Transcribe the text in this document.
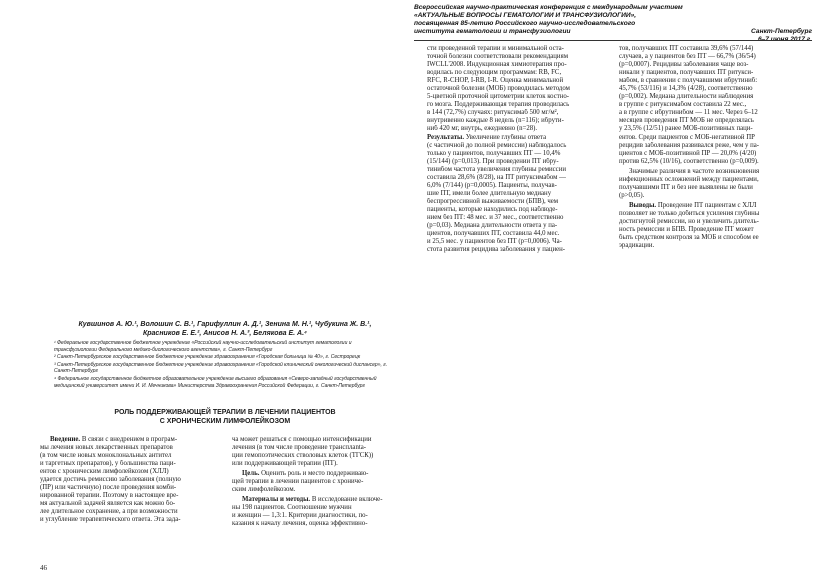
Всероссийская научно-практическая конференция с международным участием
«АКТУАЛЬНЫЕ ВОПРОСЫ ГЕМАТОЛОГИИ И ТРАНСФУЗИОЛОГИИ»,
посвященная 85-летию Российского научно-исследовательского
института гематологии и трансфузиологии	Санкт-Петербург
сти проведенной терапии и минимальной оста-
точной болезни соответствовали рекомендациям
IWCLL'2008. Индукционная химиотерапия про-
водилась по следующим программам: RB, FC,
RFC, R-CHOP, I-RB, I-R. Оценка минимальной
остаточной болезни (МОБ) проводилась методом
5-цветной проточной цитометрии клеток костно-
го мозга. Поддерживающая терапия проводилась
в 144 (72,7%) случаях: ритуксимаб 500 мг/м²,
внутривенно каждые 8 недель (n=116); ибрути-
ниб 420 мг, внутрь, ежедневно (n=28).
Результаты. Увеличение глубины ответа
(с частичной до полной ремиссии) наблюдалось
только у пациентов, получавших ПТ — 10,4%
(15/144) (p=0,013). При проведении ПТ ибру-
тинибом частота увеличения глубины ремиссии
составила 28,6% (8/28), на ПТ ритуксимабом —
6,0% (7/144) (p=0,0005). Пациенты, получав-
шие ПТ, имели более длительную медиану
беспрогрессивной выживаемости (БПВ), чем
пациенты, которые находились под наблюде-
нием без ПТ: 48 мес. и 37 мес., соответственно
(p=0,03). Медиана длительности ответа у па-
циентов, получавших ПТ, составила 44,0 мес.
и 25,5 мес. у пациентов без ПТ (p=0,0006). Ча-
стота развития рецидива заболевания у пациен-
тов, получавших ПТ составила 39,6% (57/144)
случаев, а у пациентов без ПТ — 66,7% (36/54)
(p=0,0007). Рецидивы заболевания чаще воз-
никали у пациентов, получавших ПТ ритукси-
мабом, в сравнении с получавшими ибрутиниб:
45,7% (53/116) и 14,3% (4/28), соответственно
(p=0,002). Медиана длительности наблюдения
в группе с ритуксимабом составила 22 мес.,
а в группе с ибрутинибом — 11 мес. Через 6–12
месяцев проведения ПТ МОБ не определялась
у 23,5% (12/51) ранее МОБ-позитивных паци-
ентов. Среди пациентов с МОБ-негативной ПР
рецидив заболевания развивался реже, чем у па-
циентов с МОБ-позитивной ПР — 20,0% (4/20)
против 62,5% (10/16), соответственно (p=0,009).
Значимые различия в частоте возникновения
инфекционных осложнений между пациентами,
получавшими ПТ и без нее выявлены не были
(p>0,05).
Выводы. Проведение ПТ пациентам с ХЛЛ
позволяет не только добиться усиления глубины
достигнутой ремиссии, но и увеличить длитель-
ность ремиссии и БПВ. Проведение ПТ может
быть средством контроля за МОБ и способом ее
эрадикации.
Кувшинов А. Ю.¹, Волошин С. В.¹, Гарифуллин А. Д.¹, Зенина М. Н.¹, Чубукина Ж. В.¹,
Красников Е. Е.², Анисов Н. А.³, Белякова Е. А.⁴
¹ Федеральное государственное бюджетное учреждение «Российский научно-исследовательский институт гематологии и трансфузиологии Федерального медико-биологического агентства», г. Санкт-Петербург
² Санкт-Петербургское государственное бюджетное учреждение здравоохранения «Городская больница № 40», г. Сестрорецк
³ Санкт-Петербургское государственное бюджетное учреждение здравоохранения «Городской клинический онкологический диспансер», г. Санкт-Петербург
⁴ Федеральное государственное бюджетное образовательное учреждение высшего образования «Северо-западный государственный медицинский университет имени И. И. Мечникова» Министерства Здравоохранения Российской Федерации, г. Санкт-Петербург
РОЛЬ ПОДДЕРЖИВАЮЩЕЙ ТЕРАПИИ В ЛЕЧЕНИИ ПАЦИЕНТОВ
С ХРОНИЧЕСКИМ ЛИМФОЛЕЙКОЗОМ
Введение. В связи с внедрением в програм-
мы лечения новых лекарственных препаратов
(в том числе новых моноклональных антител
и таргетных препаратов), у большинства паци-
ентов с хроническим лимфолейкозом (ХЛЛ)
удается достичь ремиссию заболевания (полную
(ПР) или частичную) после проведения комби-
нированной терапии. Поэтому в настоящее вре-
мя актуальной задачей является как можно бо-
лее длительное сохранение, а при возможности
и углубление терапевтического ответа. Эта зада-
ча может решаться с помощью интенсификации
лечения (в том числе проведение трансплanta-
ции гемопоэтических стволовых клеток (ТГСК))
или поддерживающей терапии (ПТ).
Цель. Оценить роль и место поддерживаю-
щей терапии в лечении пациентов с хрониче-
ским лимфолейкозом.
Материалы и методы. В исследование включе-
ны 198 пациентов. Соотношение мужчин
и женщин — 1,3:1. Критерии диагностики, по-
казания к началу лечения, оценка эффективно-
46
